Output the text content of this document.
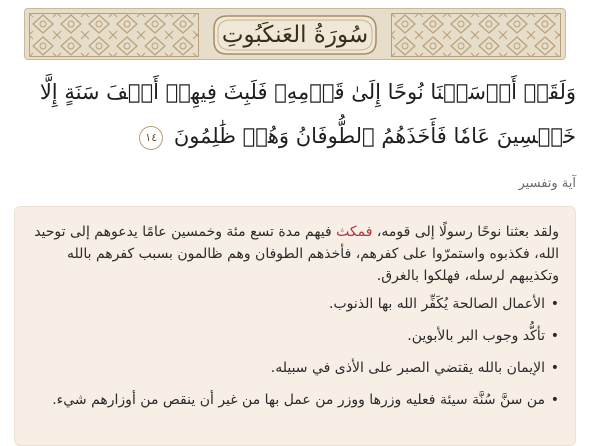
سُورَةُ العَنكَبُوتِ
وَلَقَدۡ أَرۡسَلۡنَا نُوحًا إِلَىٰ قَوۡمِهِۦ فَلَبِثَ فِيهِمۡ أَلۡفَ سَنَةٍ إِلَّا خَمۡسِينَ عَامٗا فَأَخَذَهُمُ ٱلطُّوفَانُ وَهُمۡ ظَٰلِمُونَ ١٤
آية وتفسير

ولقد بعثنا نوحًا رسولًا إلى قومه، فمكث فيهم مدة تسع مئة وخمسين عامًا يدعوهم إلى توحيد الله، فكذبوه واستمرّوا على كفرهم، فأخذهم الطوفان وهم ظالمون بسبب كفرهم بالله وتكذيبهم لرسله، فهلكوا بالغرق.

• الأعمال الصالحة يُكَفِّر الله بها الذنوب.
• تأكُّد وجوب البر بالأبوين.
• الإيمان بالله يقتضي الصبر على الأذى في سبيله.
• من سنَّ سُنَّة سيئة فعليه وزرها ووزر من عمل بها من غير أن ينقص من أوزارهم شيء.
